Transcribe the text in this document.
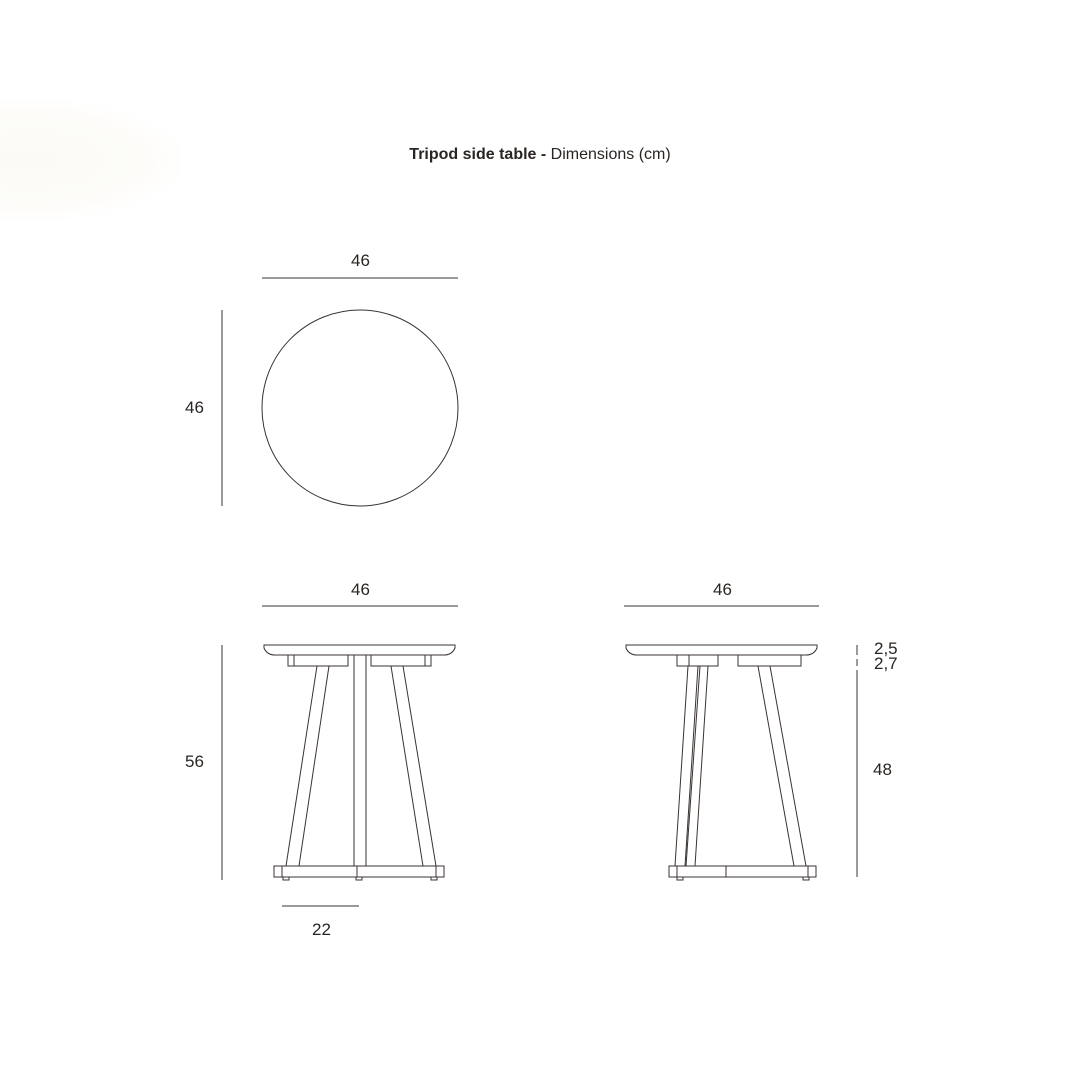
Tripod side table - Dimensions (cm)
46
46
46
56
22
46
2,5
2,7
48
